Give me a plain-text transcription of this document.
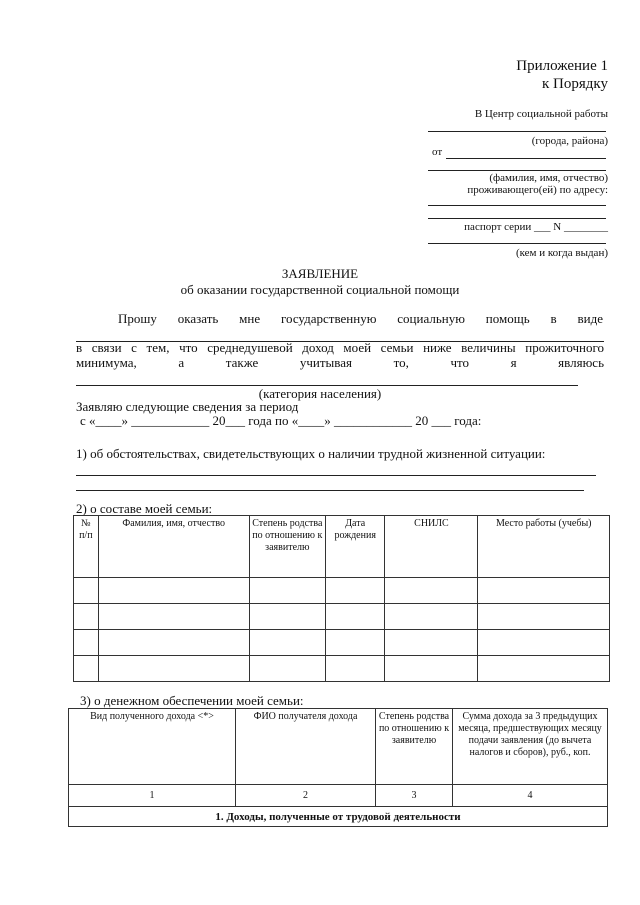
Приложение 1
к Порядку
В Центр социальной работы
(города, района)
от
(фамилия, имя, отчество)
проживающего(ей) по адресу:
паспорт серии ___ N ________
(кем и когда выдан)
ЗАЯВЛЕНИЕ
об оказании государственной социальной помощи
Прошу оказать мне государственную социальную помощь в виде
в связи с тем, что среднедушевой доход моей семьи ниже величины прожиточного
минимума, а также учитывая то, что я являюсь
(категория населения)
Заявляю следующие сведения за период
с «____» ____________ 20___ года по «____» ____________ 20 ___ года:
1) об обстоятельствах, свидетельствующих о наличии трудной жизненной ситуации:
2) о составе моей семьи:
№ п/п	Фамилия, имя, отчество	Степень родства по отношению к заявителю	Дата рождения	СНИЛС	Место работы (учебы)

3) о денежном обеспечении моей семьи:
Вид полученного дохода <*>	ФИО получателя дохода	Степень родства по отношению к заявителю	Сумма дохода за 3 предыдущих месяца, предшествующих месяцу подачи заявления (до вычета налогов и сборов), руб., коп.
1	2	3	4
1. Доходы, полученные от трудовой деятельности			
